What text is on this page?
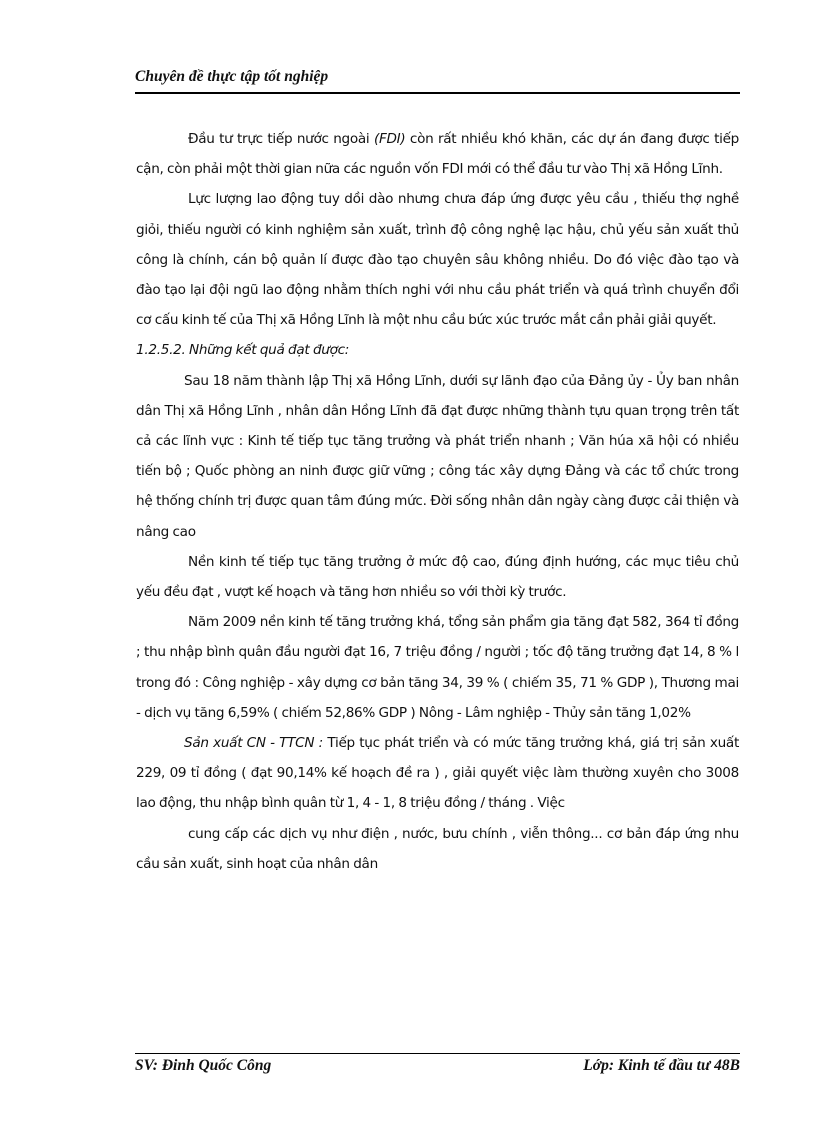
Chuyên đề thực tập tốt nghiệp

Đầu tư trực tiếp nước ngoài (FDI) còn rất nhiều khó khăn, các dự án đang được tiếp cận, còn phải một thời gian nữa các nguồn vốn FDI mới có thể đầu tư vào Thị xã Hồng Lĩnh.

Lực lượng lao động tuy dồi dào nhưng chưa đáp ứng được yêu cầu , thiếu thợ nghề giỏi, thiếu người có kinh nghiệm sản xuất, trình độ công nghệ lạc hậu, chủ yếu sản xuất thủ công là chính, cán bộ quản lí được đào tạo chuyên sâu không nhiều. Do đó việc đào tạo và đào tạo lại đội ngũ lao động nhằm thích nghi với nhu cầu phát triển và quá trình chuyển đổi cơ cấu kinh tế của Thị xã Hồng Lĩnh là một nhu cầu bức xúc trước mắt cần phải giải quyết.

1.2.5.2. Những kết quả đạt được:

Sau 18 năm thành lập Thị xã Hồng Lĩnh, dưới sự lãnh đạo của Đảng ủy - Ủy ban nhân dân Thị xã Hồng Lĩnh , nhân dân Hồng Lĩnh đã đạt được những thành tựu quan trọng trên tất cả các lĩnh vực : Kinh tế tiếp tục tăng trưởng và phát triển nhanh ; Văn húa xã hội có nhiều tiến bộ ; Quốc phòng an ninh được giữ vững ; công tác xây dựng Đảng và các tổ chức trong hệ thống chính trị được quan tâm đúng mức. Đời sống nhân dân ngày càng được cải thiện và nâng cao

Nền kinh tế tiếp tục tăng trưởng ở mức độ cao, đúng định hướng, các mục tiêu chủ yếu đều đạt , vượt kế hoạch và tăng hơn nhiều so với thời kỳ trước.

Năm 2009 nền kinh tế tăng trưởng khá, tổng sản phẩm gia tăng đạt 582, 364 tỉ đồng ; thu nhập bình quân đầu người đạt 16, 7 triệu đồng / người ; tốc độ tăng trưởng đạt 14, 8 % l trong đó : Công nghiệp - xây dựng cơ bản tăng 34, 39 % ( chiếm 35, 71 % GDP ), Thương mai - dịch vụ tăng 6,59% ( chiếm 52,86% GDP ) Nông - Lâm nghiệp - Thủy sản tăng 1,02%

Sản xuất CN - TTCN : Tiếp tục phát triển và có mức tăng trưởng khá, giá trị sản xuất 229, 09 tỉ đồng ( đạt 90,14% kế hoạch đề ra ) , giải quyết việc làm thường xuyên cho 3008 lao động, thu nhập bình quân từ 1, 4 - 1, 8 triệu đồng / tháng . Việc

cung cấp các dịch vụ như điện , nước, bưu chính , viễn thông... cơ bản đáp ứng nhu cầu sản xuất, sinh hoạt của nhân dân

SV: Đinh Quốc Công	Lớp: Kinh tế đầu tư 48B
